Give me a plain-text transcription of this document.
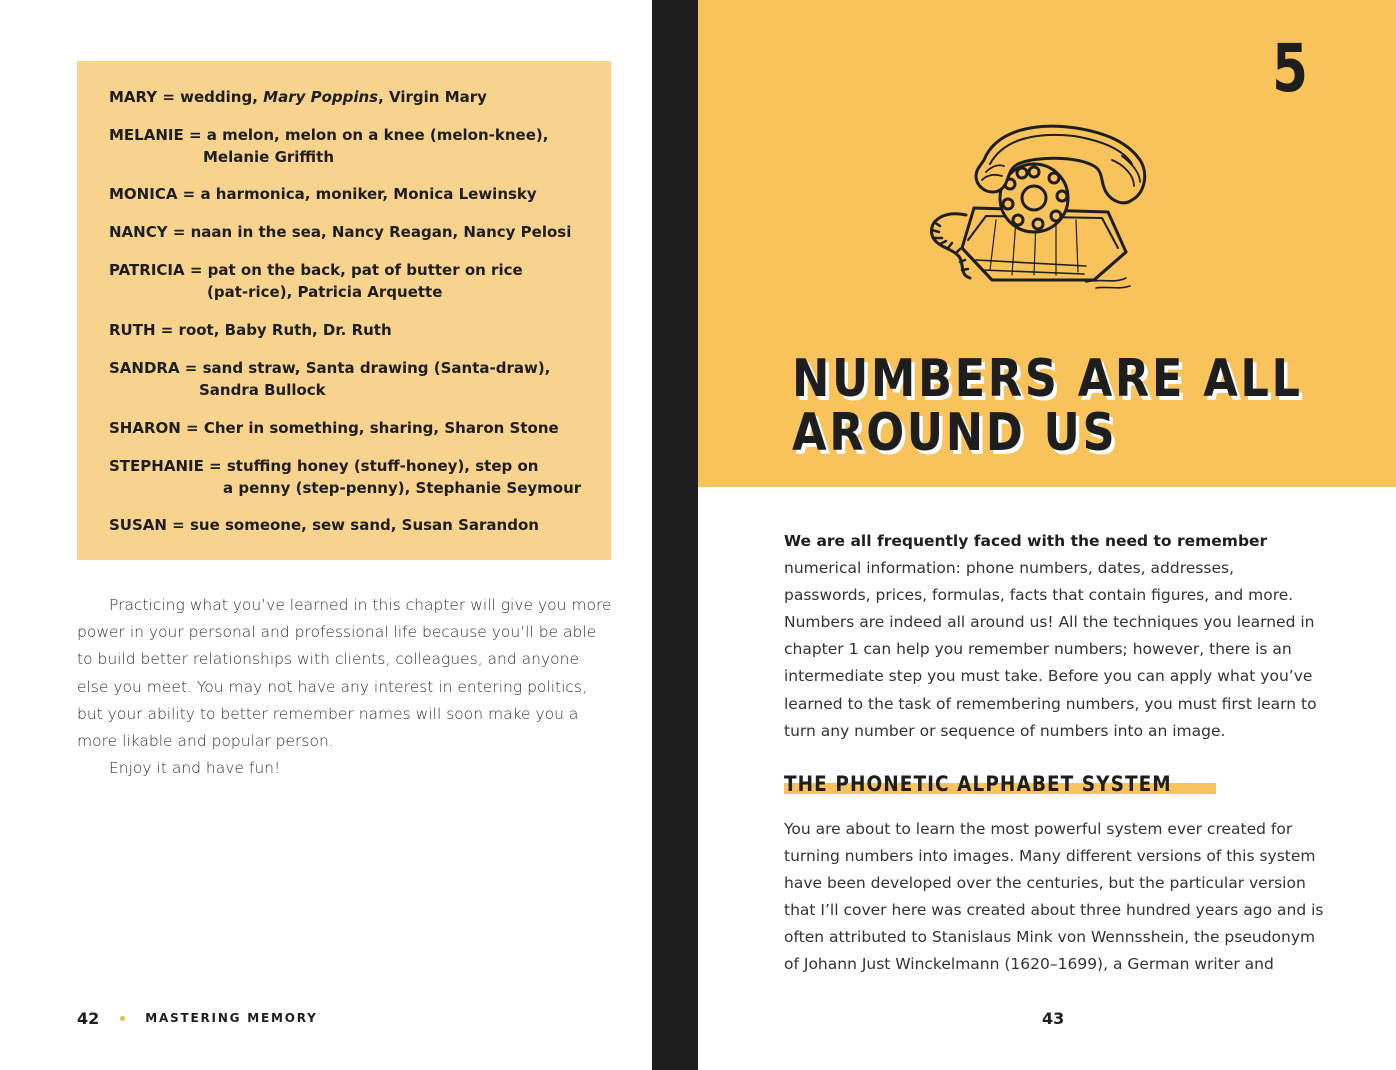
MARY = wedding, Mary Poppins, Virgin Mary
MELANIE = a melon, melon on a knee (melon-knee),
Melanie Griffith
MONICA = a harmonica, moniker, Monica Lewinsky
NANCY = naan in the sea, Nancy Reagan, Nancy Pelosi
PATRICIA = pat on the back, pat of butter on rice
(pat-rice), Patricia Arquette
RUTH = root, Baby Ruth, Dr. Ruth
SANDRA = sand straw, Santa drawing (Santa-draw),
Sandra Bullock
SHARON = Cher in something, sharing, Sharon Stone
STEPHANIE = stuffing honey (stuff-honey), step on
a penny (step-penny), Stephanie Seymour
SUSAN = sue someone, sew sand, Susan Sarandon

Practicing what you’ve learned in this chapter will give you more power in your personal and professional life because you’ll be able to build better relationships with clients, colleagues, and anyone else you meet. You may not have any interest in entering politics, but your ability to better remember names will soon make you a more likable and popular person.

Enjoy it and have fun!

42	MASTERING MEMORY
5
NUMBERS ARE ALL
AROUND US
We are all frequently faced with the need to remember numerical information: phone numbers, dates, addresses, passwords, prices, formulas, facts that contain figures, and more. Numbers are indeed all around us! All the techniques you learned in chapter 1 can help you remember numbers; however, there is an intermediate step you must take. Before you can apply what you’ve learned to the task of remembering numbers, you must first learn to turn any number or sequence of numbers into an image.
THE PHONETIC ALPHABET SYSTEM
You are about to learn the most powerful system ever created for turning numbers into images. Many different versions of this system have been developed over the centuries, but the particular version that I’ll cover here was created about three hundred years ago and is often attributed to Stanislaus Mink von Wennsshein, the pseudonym of Johann Just Winckelmann (1620–1699), a German writer and
43
